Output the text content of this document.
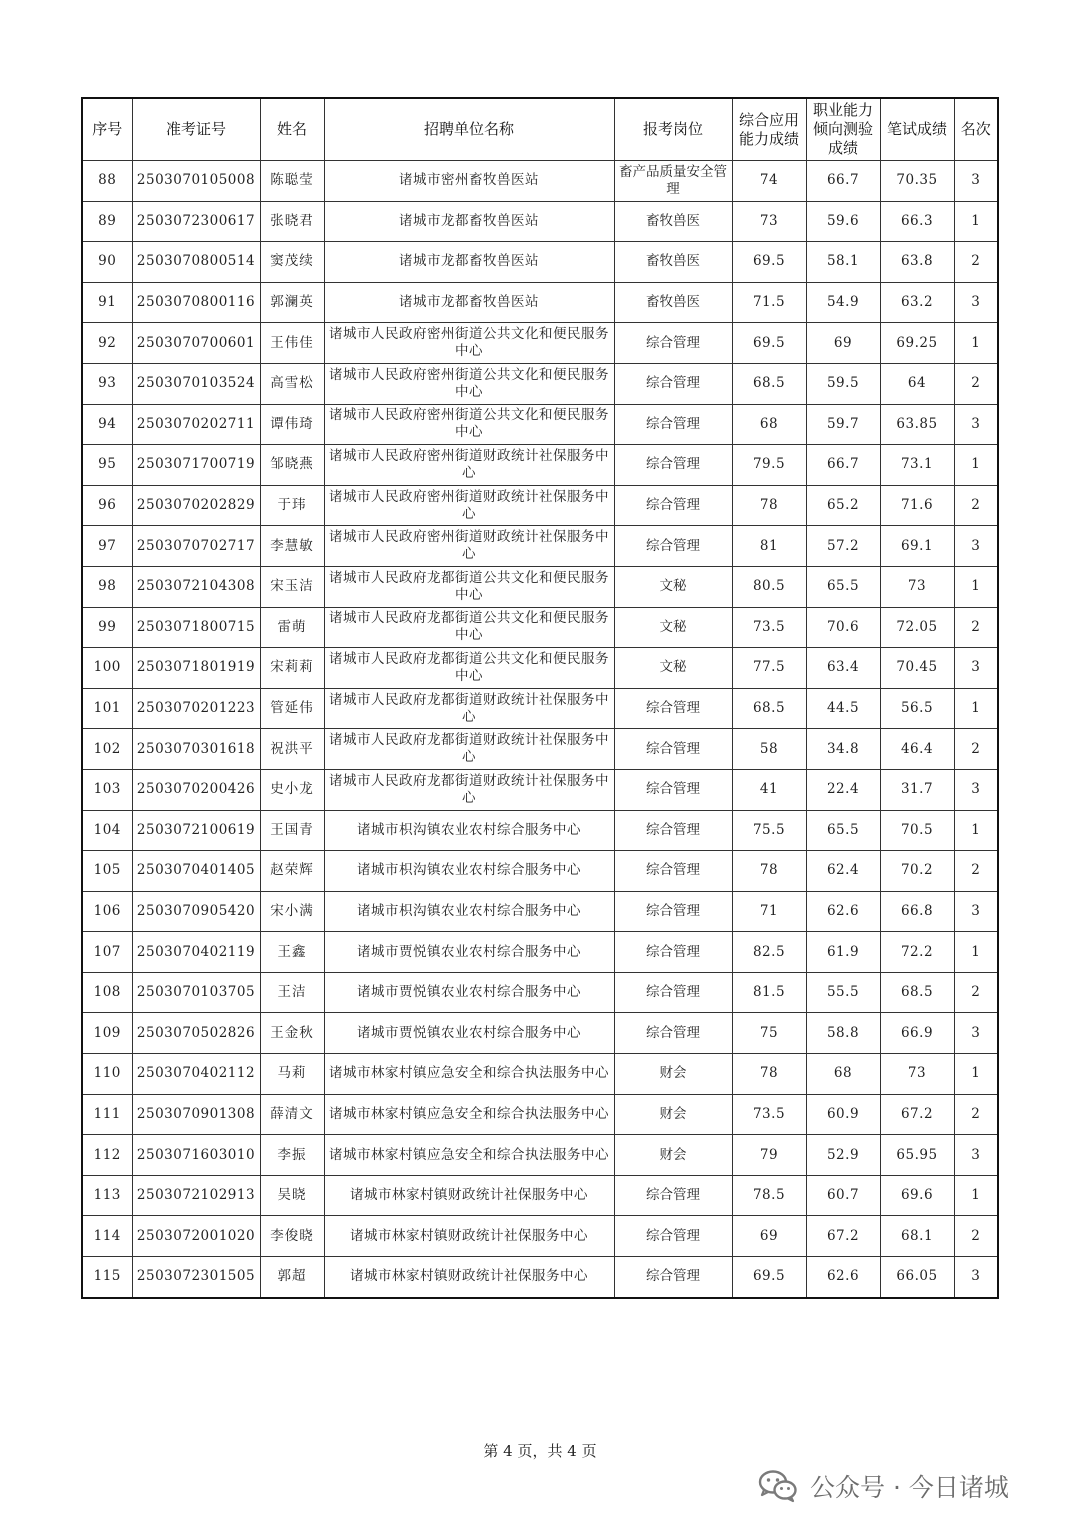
序号	准考证号	姓名	招聘单位名称	报考岗位	综合应用能力成绩	职业能力倾向测验成绩	笔试成绩	名次
88	2503070105008	陈聪莹	诸城市密州畜牧兽医站	畜产品质量安全管理	74	66.7	70.35	3
89	2503072300617	张晓君	诸城市龙都畜牧兽医站	畜牧兽医	73	59.6	66.3	1
90	2503070800514	窦茂续	诸城市龙都畜牧兽医站	畜牧兽医	69.5	58.1	63.8	2
91	2503070800116	郭澜英	诸城市龙都畜牧兽医站	畜牧兽医	71.5	54.9	63.2	3
92	2503070700601	王伟佳	诸城市人民政府密州街道公共文化和便民服务中心	综合管理	69.5	69	69.25	1
93	2503070103524	高雪松	诸城市人民政府密州街道公共文化和便民服务中心	综合管理	68.5	59.5	64	2
94	2503070202711	谭伟琦	诸城市人民政府密州街道公共文化和便民服务中心	综合管理	68	59.7	63.85	3
95	2503071700719	邹晓燕	诸城市人民政府密州街道财政统计社保服务中心	综合管理	79.5	66.7	73.1	1
96	2503070202829	于玮	诸城市人民政府密州街道财政统计社保服务中心	综合管理	78	65.2	71.6	2
97	2503070702717	李慧敏	诸城市人民政府密州街道财政统计社保服务中心	综合管理	81	57.2	69.1	3
98	2503072104308	宋玉洁	诸城市人民政府龙都街道公共文化和便民服务中心	文秘	80.5	65.5	73	1
99	2503071800715	雷萌	诸城市人民政府龙都街道公共文化和便民服务中心	文秘	73.5	70.6	72.05	2
100	2503071801919	宋莉莉	诸城市人民政府龙都街道公共文化和便民服务中心	文秘	77.5	63.4	70.45	3
101	2503070201223	管延伟	诸城市人民政府龙都街道财政统计社保服务中心	综合管理	68.5	44.5	56.5	1
102	2503070301618	祝洪平	诸城市人民政府龙都街道财政统计社保服务中心	综合管理	58	34.8	46.4	2
103	2503070200426	史小龙	诸城市人民政府龙都街道财政统计社保服务中心	综合管理	41	22.4	31.7	3
104	2503072100619	王国青	诸城市枳沟镇农业农村综合服务中心	综合管理	75.5	65.5	70.5	1
105	2503070401405	赵荣辉	诸城市枳沟镇农业农村综合服务中心	综合管理	78	62.4	70.2	2
106	2503070905420	宋小满	诸城市枳沟镇农业农村综合服务中心	综合管理	71	62.6	66.8	3
107	2503070402119	王鑫	诸城市贾悦镇农业农村综合服务中心	综合管理	82.5	61.9	72.2	1
108	2503070103705	王洁	诸城市贾悦镇农业农村综合服务中心	综合管理	81.5	55.5	68.5	2
109	2503070502826	王金秋	诸城市贾悦镇农业农村综合服务中心	综合管理	75	58.8	66.9	3
110	2503070402112	马莉	诸城市林家村镇应急安全和综合执法服务中心	财会	78	68	73	1
111	2503070901308	薛清文	诸城市林家村镇应急安全和综合执法服务中心	财会	73.5	60.9	67.2	2
112	2503071603010	李振	诸城市林家村镇应急安全和综合执法服务中心	财会	79	52.9	65.95	3
113	2503072102913	吴晓	诸城市林家村镇财政统计社保服务中心	综合管理	78.5	60.7	69.6	1
114	2503072001020	李俊晓	诸城市林家村镇财政统计社保服务中心	综合管理	69	67.2	68.1	2
115	2503072301505	郭超	诸城市林家村镇财政统计社保服务中心	综合管理	69.5	62.6	66.05	3
第 4 页，共 4 页
公众号 · 今日诸城
